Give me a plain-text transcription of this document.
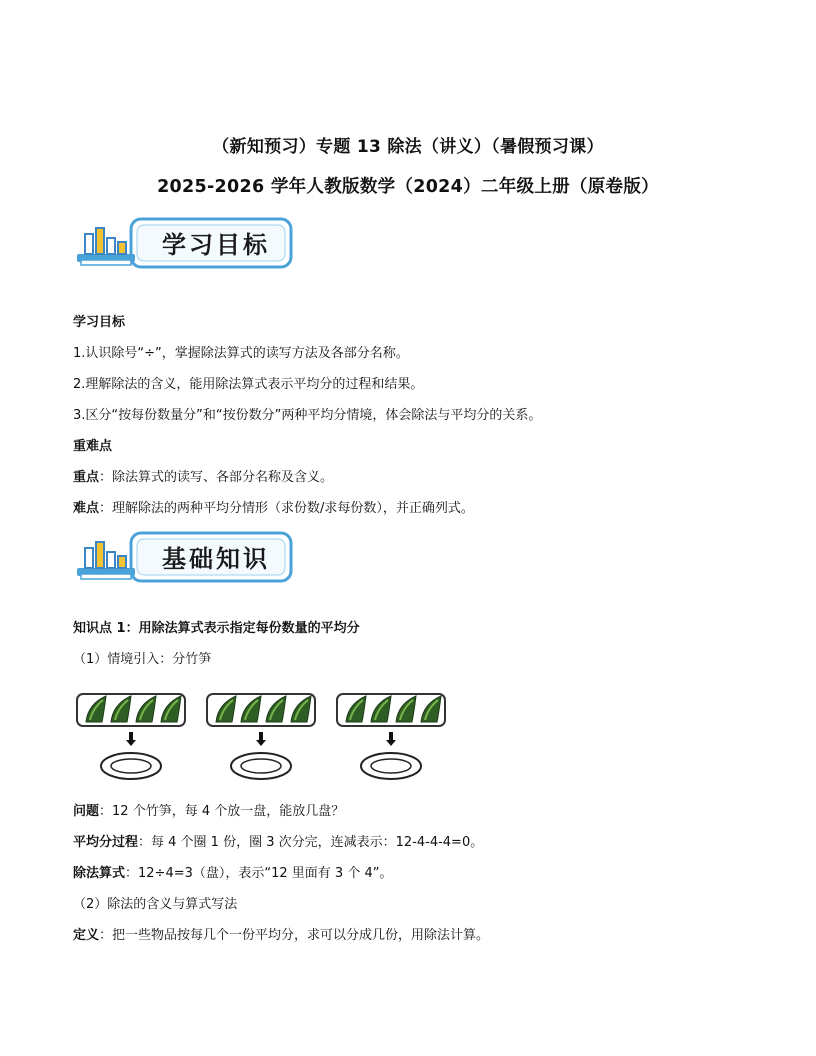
（新知预习）专题 13 除法（讲义）（暑假预习课）
2025-2026 学年人教版数学（2024）二年级上册（原卷版）
学习目标
学习目标
1.认识除号“÷”，掌握除法算式的读写方法及各部分名称。
2.理解除法的含义，能用除法算式表示平均分的过程和结果。
3.区分“按每份数量分”和“按份数分”两种平均分情境，体会除法与平均分的关系。
重难点
重点：除法算式的读写、各部分名称及含义。
难点：理解除法的两种平均分情形（求份数/求每份数），并正确列式。
基础知识
知识点 1：用除法算式表示指定每份数量的平均分
（1）情境引入：分竹笋
问题：12 个竹笋，每 4 个放一盘，能放几盘？
平均分过程：每 4 个圈 1 份，圈 3 次分完，连减表示：12-4-4-4=0。
除法算式：12÷4=3（盘），表示“12 里面有 3 个 4”。
（2）除法的含义与算式写法
定义：把一些物品按每几个一份平均分，求可以分成几份，用除法计算。
